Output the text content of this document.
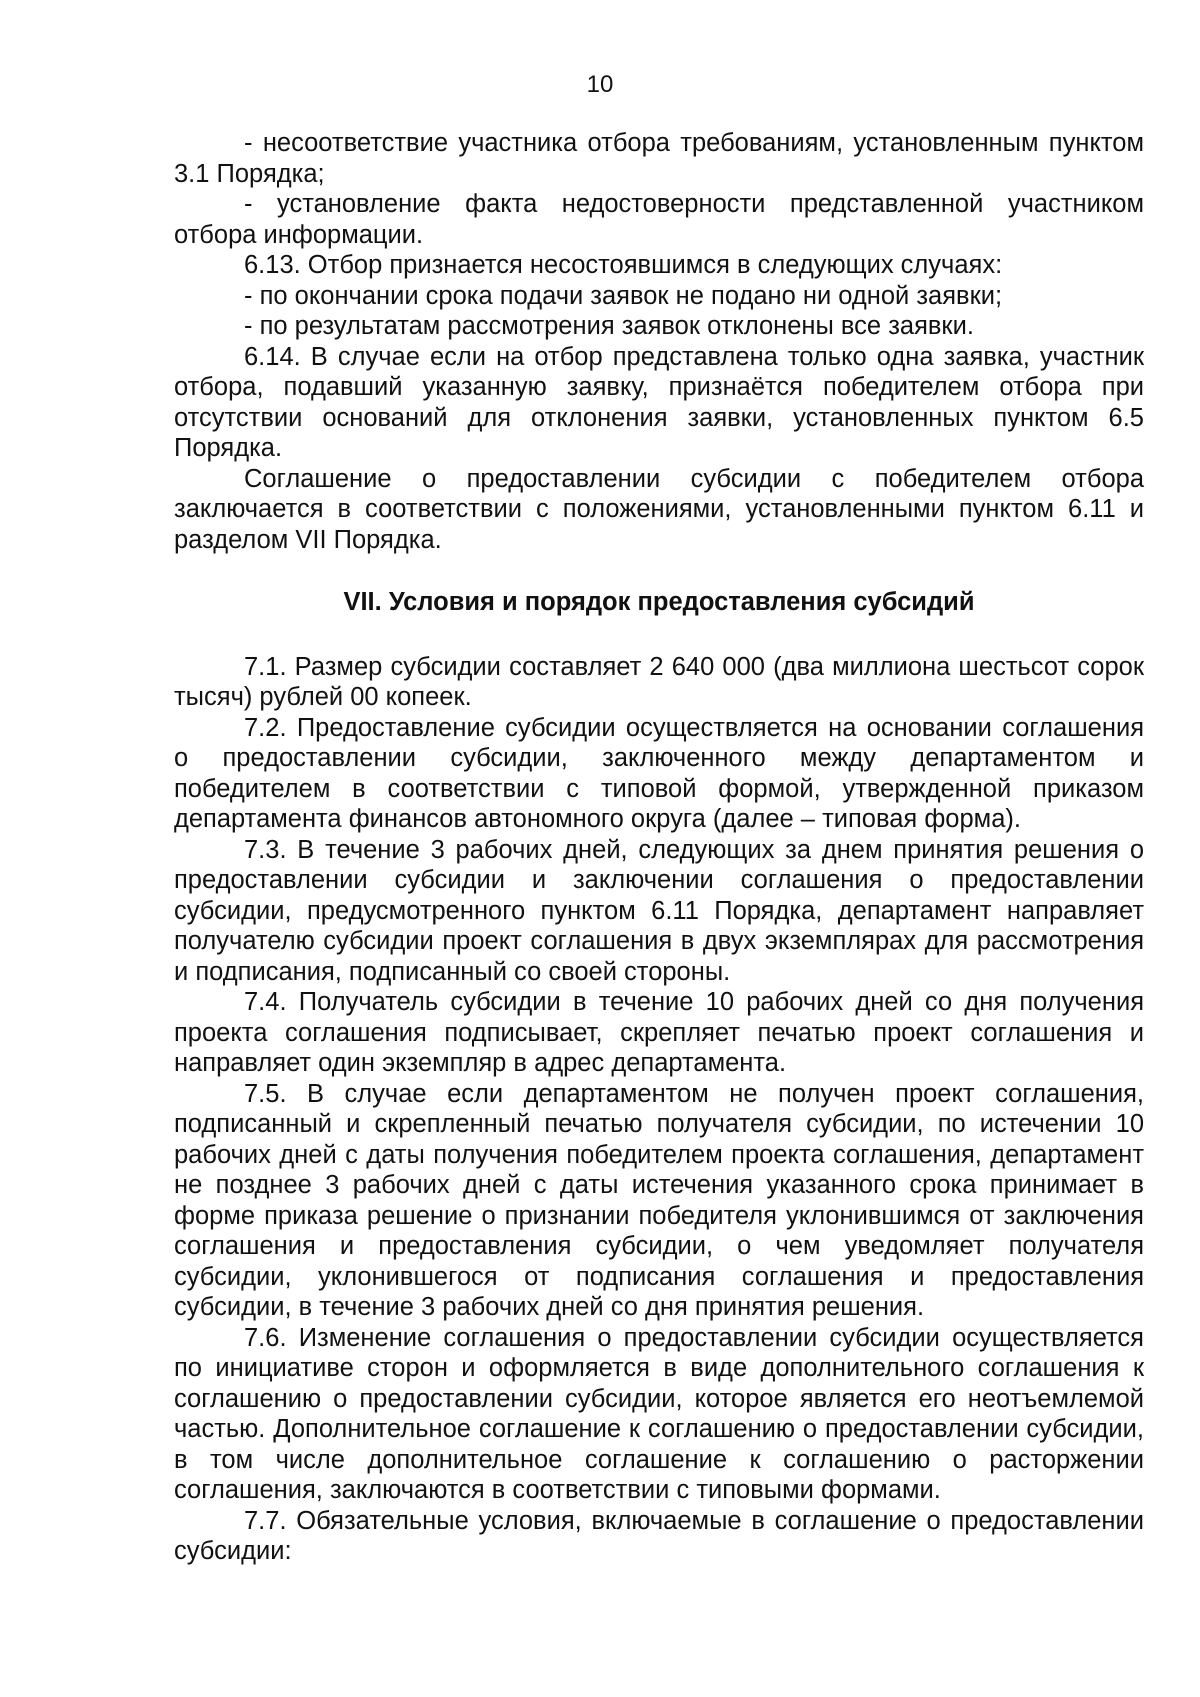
10

- несоответствие участника отбора требованиям, установленным пунктом 3.1 Порядка;

- установление факта недостоверности представленной участником отбора информации.

6.13. Отбор признается несостоявшимся в следующих случаях:

- по окончании срока подачи заявок не подано ни одной заявки;

- по результатам рассмотрения заявок отклонены все заявки.

6.14. В случае если на отбор представлена только одна заявка, участник отбора, подавший указанную заявку, признаётся победителем отбора при отсутствии оснований для отклонения заявки, установленных пунктом 6.5 Порядка.

Соглашение о предоставлении субсидии с победителем отбора заключается в соответствии с положениями, установленными пунктом 6.11 и разделом VII Порядка.

VII. Условия и порядок предоставления субсидий

7.1. Размер субсидии составляет 2 640 000 (два миллиона шестьсот сорок тысяч) рублей 00 копеек.

7.2. Предоставление субсидии осуществляется на основании соглашения о предоставлении субсидии, заключенного между департаментом и победителем в соответствии с типовой формой, утвержденной приказом департамента финансов автономного округа (далее – типовая форма).

7.3. В течение 3 рабочих дней, следующих за днем принятия решения о предоставлении субсидии и заключении соглашения о предоставлении субсидии, предусмотренного пунктом 6.11 Порядка, департамент направляет получателю субсидии проект соглашения в двух экземплярах для рассмотрения и подписания, подписанный со своей стороны.

7.4. Получатель субсидии в течение 10 рабочих дней со дня получения проекта соглашения подписывает, скрепляет печатью проект соглашения и направляет один экземпляр в адрес департамента.

7.5. В случае если департаментом не получен проект соглашения, подписанный и скрепленный печатью получателя субсидии, по истечении 10 рабочих дней с даты получения победителем проекта соглашения, департамент не позднее 3 рабочих дней с даты истечения указанного срока принимает в форме приказа решение о признании победителя уклонившимся от заключения соглашения и предоставления субсидии, о чем уведомляет получателя субсидии, уклонившегося от подписания соглашения и предоставления субсидии, в течение 3 рабочих дней со дня принятия решения.

7.6. Изменение соглашения о предоставлении субсидии осуществляется по инициативе сторон и оформляется в виде дополнительного соглашения к соглашению о предоставлении субсидии, которое является его неотъемлемой частью. Дополнительное соглашение к соглашению о предоставлении субсидии, в том числе дополнительное соглашение к соглашению о расторжении соглашения, заключаются в соответствии с типовыми формами.

7.7. Обязательные условия, включаемые в соглашение о предоставлении субсидии:
